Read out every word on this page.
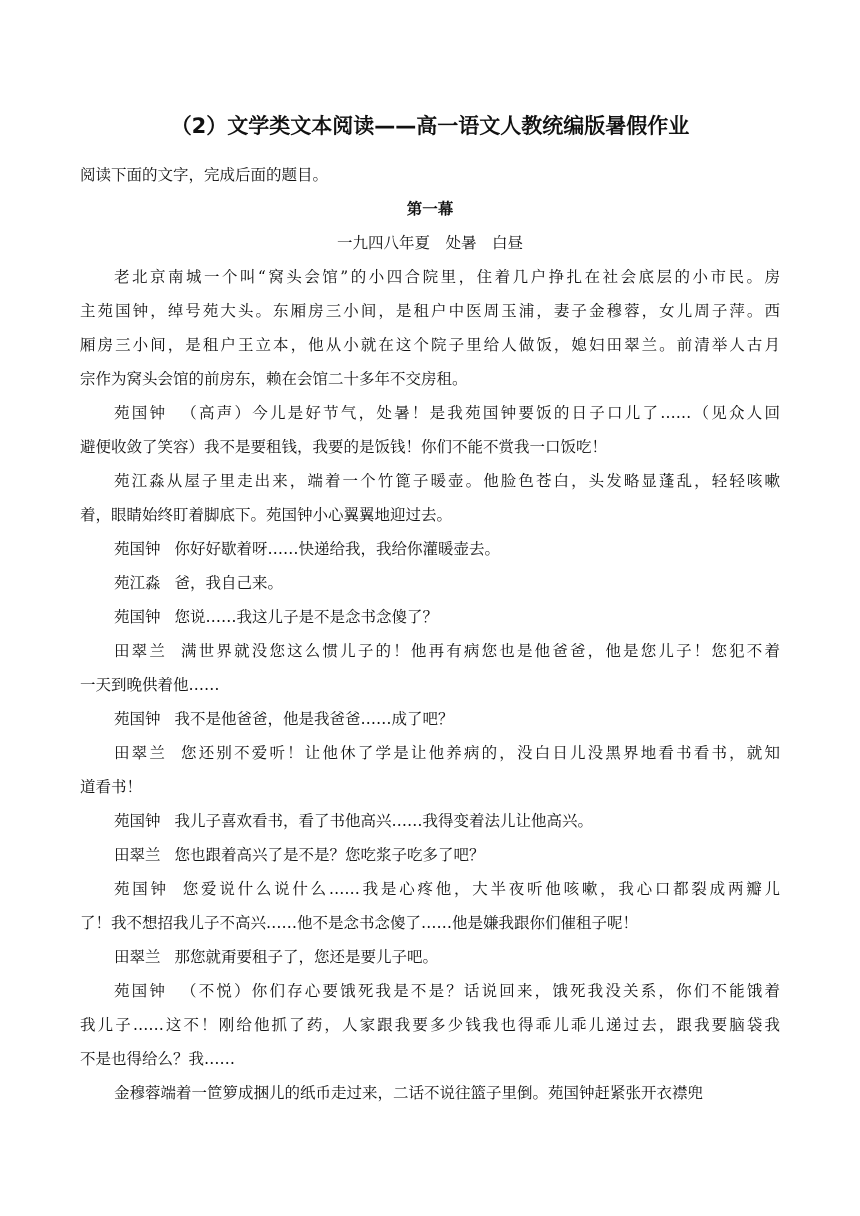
（2）文学类文本阅读——高一语文人教统编版暑假作业
阅读下面的文字，完成后面的题目。
第一幕
一九四八年夏　处暑　白昼
老北京南城一个叫“窝头会馆”的小四合院里，住着几户挣扎在社会底层的小市民。房
主苑国钟，绰号苑大头。东厢房三小间，是租户中医周玉浦，妻子金穆蓉，女儿周子萍。西
厢房三小间，是租户王立本，他从小就在这个院子里给人做饭，媳妇田翠兰。前清举人古月
宗作为窝头会馆的前房东，赖在会馆二十多年不交房租。
苑国钟 （高声）今儿是好节气，处暑！是我苑国钟要饭的日子口儿了……（见众人回
避便收敛了笑容）我不是要租钱，我要的是饭钱！你们不能不赏我一口饭吃！
苑江淼从屋子里走出来，端着一个竹篦子暖壶。他脸色苍白，头发略显蓬乱，轻轻咳嗽
着，眼睛始终盯着脚底下。苑国钟小心翼翼地迎过去。
苑国钟 你好好歇着呀……快递给我，我给你灌暖壶去。
苑江淼 爸，我自己来。
苑国钟 您说……我这儿子是不是念书念傻了？
田翠兰 满世界就没您这么惯儿子的！他再有病您也是他爸爸，他是您儿子！您犯不着
一天到晚供着他……
苑国钟 我不是他爸爸，他是我爸爸……成了吧？
田翠兰 您还别不爱听！让他休了学是让他养病的，没白日儿没黑界地看书看书，就知
道看书！
苑国钟 我儿子喜欢看书，看了书他高兴……我得变着法儿让他高兴。
田翠兰 您也跟着高兴了是不是？您吃浆子吃多了吧？
苑国钟 您爱说什么说什么……我是心疼他，大半夜听他咳嗽，我心口都裂成两瓣儿
了！我不想招我儿子不高兴……他不是念书念傻了……他是嫌我跟你们催租子呢！
田翠兰 那您就甭要租子了，您还是要儿子吧。
苑国钟 （不悦）你们存心要饿死我是不是？话说回来，饿死我没关系，你们不能饿着
我儿子……这不！刚给他抓了药，人家跟我要多少钱我也得乖儿乖儿递过去，跟我要脑袋我
不是也得给么？我……
金穆蓉端着一笸箩成捆儿的纸币走过来，二话不说往篮子里倒。苑国钟赶紧张开衣襟兜
